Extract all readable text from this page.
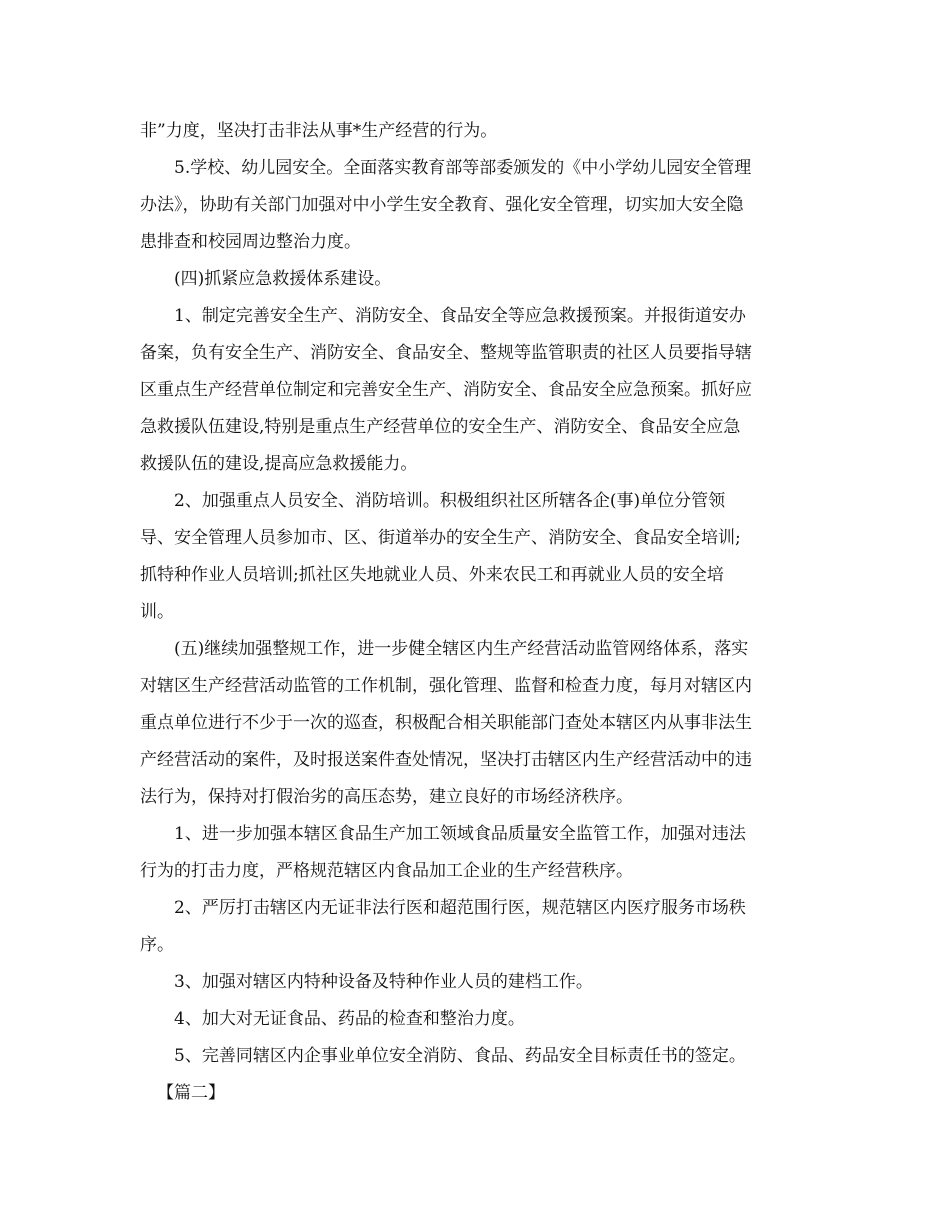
非”力度，坚决打击非法从事*生产经营的行为。
5.学校、幼儿园安全。全面落实教育部等部委颁发的《中小学幼儿园安全管理
办法》，协助有关部门加强对中小学生安全教育、强化安全管理，切实加大安全隐
患排查和校园周边整治力度。
(四)抓紧应急救援体系建设。
1、制定完善安全生产、消防安全、食品安全等应急救援预案。并报街道安办
备案，负有安全生产、消防安全、食品安全、整规等监管职责的社区人员要指导辖
区重点生产经营单位制定和完善安全生产、消防安全、食品安全应急预案。抓好应
急救援队伍建设,特别是重点生产经营单位的安全生产、消防安全、食品安全应急
救援队伍的建设,提高应急救援能力。
2、加强重点人员安全、消防培训。积极组织社区所辖各企(事)单位分管领
导、安全管理人员参加市、区、街道举办的安全生产、消防安全、食品安全培训;
抓特种作业人员培训;抓社区失地就业人员、外来农民工和再就业人员的安全培
训。
(五)继续加强整规工作，进一步健全辖区内生产经营活动监管网络体系，落实
对辖区生产经营活动监管的工作机制，强化管理、监督和检查力度，每月对辖区内
重点单位进行不少于一次的巡查，积极配合相关职能部门查处本辖区内从事非法生
产经营活动的案件，及时报送案件查处情况，坚决打击辖区内生产经营活动中的违
法行为，保持对打假治劣的高压态势，建立良好的市场经济秩序。
1、进一步加强本辖区食品生产加工领域食品质量安全监管工作，加强对违法
行为的打击力度，严格规范辖区内食品加工企业的生产经营秩序。
2、严厉打击辖区内无证非法行医和超范围行医，规范辖区内医疗服务市场秩
序。
3、加强对辖区内特种设备及特种作业人员的建档工作。
4、加大对无证食品、药品的检查和整治力度。
5、完善同辖区内企事业单位安全消防、食品、药品安全目标责任书的签定。
【篇二】
